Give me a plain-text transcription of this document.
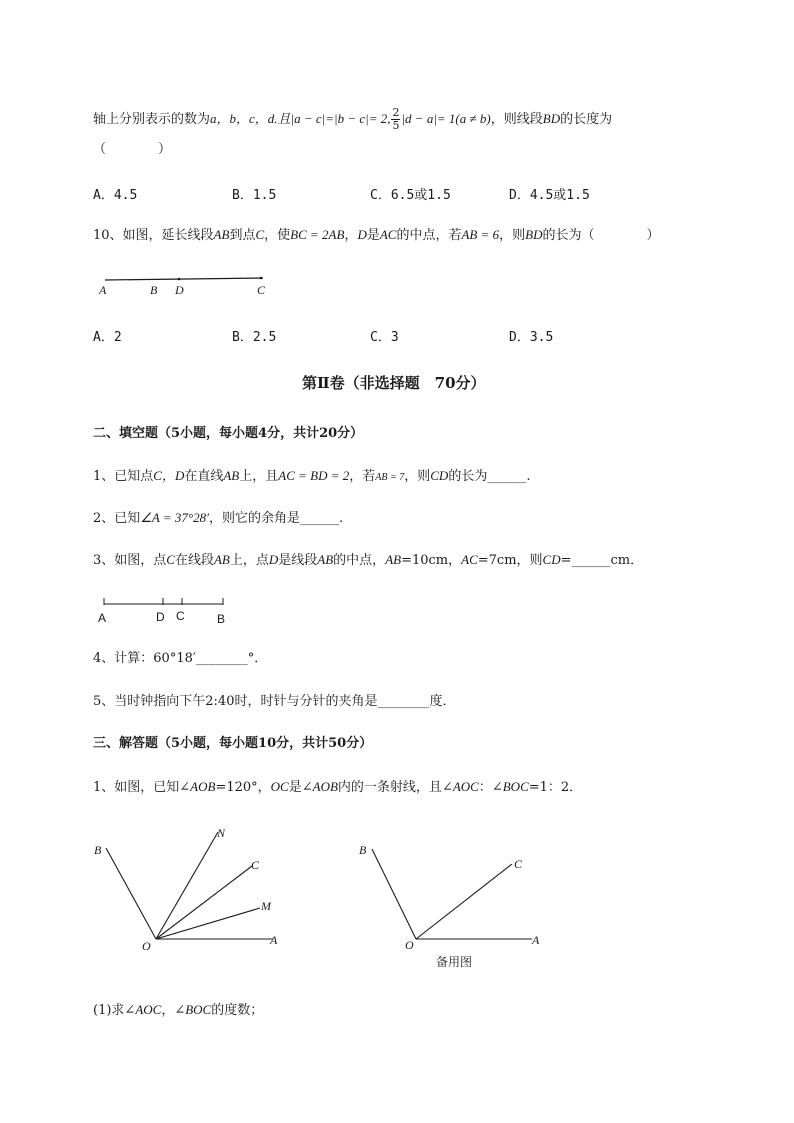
轴上分别表示的数为a，b，c，d.且|a − c|=|b − c|= 2, $\frac{2}{5} |d - a|= 1(a \ne b)$，则线段BD的长度为
（　　　　）
A．4.5	B．1.5	C．6.5或1.5	D．4.5或1.5
10、如图，延长线段AB到点C，使BC = 2AB，D是AC的中点，若AB = 6，则BD的长为（　　　　）
A	B D	C
A．2	B．2.5	C．3	D．3.5
第Ⅱ卷（非选择题　70分）
二、填空题（5小题，每小题4分，共计20分）
1、已知点C，D在直线AB上，且AC = BD = 2，若AB = 7，则CD的长为______.
2、已知∠A = 37°28′，则它的余角是______.
3、如图，点C在线段AB上，点D是线段AB的中点，AB=10cm，AC=7cm，则CD=______cm．
A	D C	B
4、计算：60°18′________°．
5、当时钟指向下午2:40时，时针与分针的夹角是________度．
三、解答题（5小题，每小题10分，共计50分）
1、如图，已知∠AOB=120°，OC是∠AOB内的一条射线，且∠AOC：∠BOC=1：2．
B
N
C
M
O	A
B
C
O	A
备用图
(1)求∠AOC，∠BOC的度数；
